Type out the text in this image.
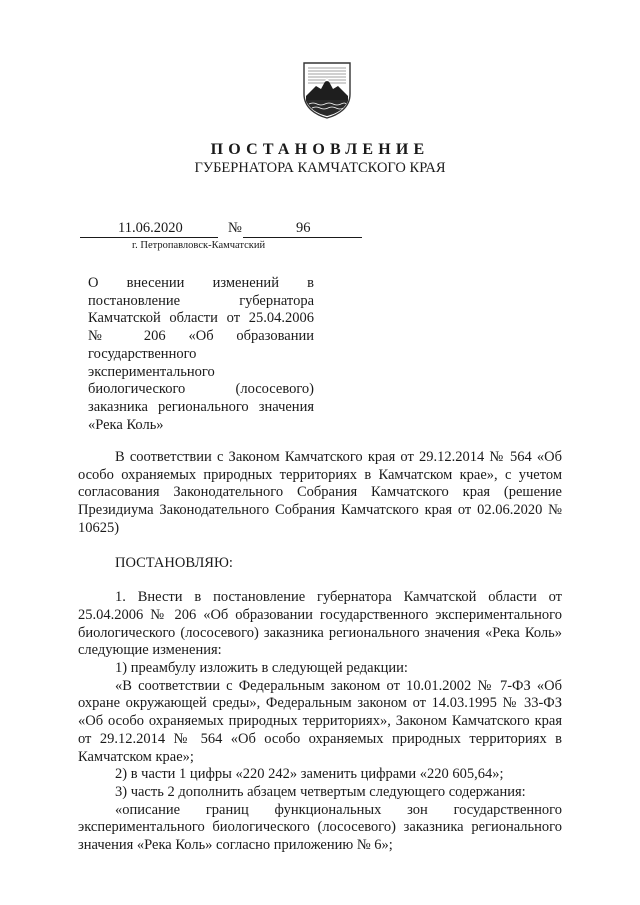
ПОСТАНОВЛЕНИЕ
ГУБЕРНАТОРА КАМЧАТСКОГО КРАЯ
11.06.2020	№	96
г. Петропавловск-Камчатский
О внесении изменений в
постановление губернатора
Камчатской области от 25.04.2006
№ 206 «Об образовании
государственного
экспериментального
биологического (лососевого)
заказника регионального значения
«Река Коль»

В соответствии с Законом Камчатского края от 29.12.2014 № 564 «Об особо охраняемых природных территориях в Камчатском крае», с учетом согласования Законодательного Собрания Камчатского края (решение Президиума Законодательного Собрания Камчатского края от 02.06.2020 № 10625)

ПОСТАНОВЛЯЮ:

1. Внести в постановление губернатора Камчатской области от 25.04.2006 № 206 «Об образовании государственного экспериментального биологического (лососевого) заказника регионального значения «Река Коль» следующие изменения:

1) преамбулу изложить в следующей редакции:

«В соответствии с Федеральным законом от 10.01.2002 № 7-ФЗ «Об охране окружающей среды», Федеральным законом от 14.03.1995 № 33-ФЗ «Об особо охраняемых природных территориях», Законом Камчатского края от 29.12.2014 № 564 «Об особо охраняемых природных территориях в Камчатском крае»;

2) в части 1 цифры «220 242» заменить цифрами «220 605,64»;

3) часть 2 дополнить абзацем четвертым следующего содержания:

«описание границ функциональных зон государственного экспериментального биологического (лососевого) заказника регионального значения «Река Коль» согласно приложению № 6»;
